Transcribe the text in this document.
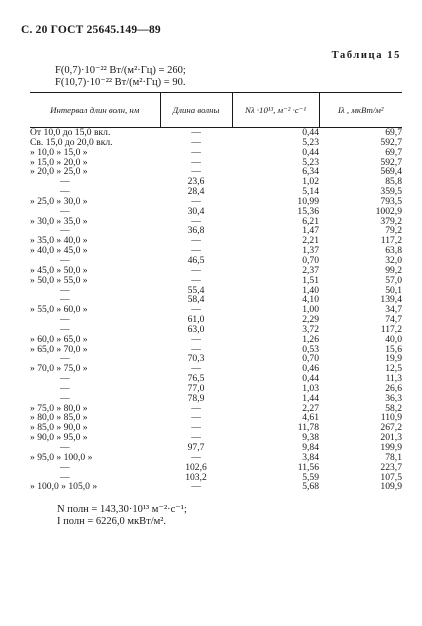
С. 20 ГОСТ 25645.149—89
Таблица 15
F(0,7)·10⁻²² Вт/(м²·Гц) = 260;
F(10,7)·10⁻²² Вт/(м²·Гц) = 90.
Интервал длин волн, нм	Длина волны	Nλ ·10¹³, м⁻² ·с⁻¹	Iλ , мкВт/м²
От 10,0 до 15,0 вкл.	—	0,44	69,7
Св. 15,0 до 20,0 вкл.	—	5,23	592,7
» 10,0 » 15,0 »	—	0,44	69,7
» 15,0 » 20,0 »	—	5,23	592,7
» 20,0 » 25,0 »	—	6,34	569,4
—	23,6	1,02	85,8
—	28,4	5,14	359,5
» 25,0 » 30,0 »	—	10,99	793,5
—	30,4	15,36	1002,9
» 30,0 » 35,0 »	—	6,21	379,2
—	36,8	1,47	79,2
» 35,0 » 40,0 »	—	2,21	117,2
» 40,0 » 45,0 »	—	1,37	63,8
—	46,5	0,70	32,0
» 45,0 » 50,0 »	—	2,37	99,2
» 50,0 » 55,0 »	—	1,51	57,0
—	55,4	1,40	50,1
—	58,4	4,10	139,4
» 55,0 » 60,0 »	—	1,00	34,7
—	61,0	2,29	74,7
—	63,0	3,72	117,2
» 60,0 » 65,0 »	—	1,26	40,0
» 65,0 » 70,0 »	—	0,53	15,6
—	70,3	0,70	19,9
» 70,0 » 75,0 »	—	0,46	12,5
—	76,5	0,44	11,3
—	77,0	1,03	26,6
—	78,9	1,44	36,3
» 75,0 » 80,0 »	—	2,27	58,2
» 80,0 » 85,0 »	—	4,61	110,9
» 85,0 » 90,0 »	—	11,78	267,2
» 90,0 » 95,0 »	—	9,38	201,3
—	97,7	9,84	199,9
» 95,0 » 100,0 »	—	3,84	78,1
—	102,6	11,56	223,7
—	103,2	5,59	107,5
» 100,0 » 105,0 »	—	5,68	109,9
N полн = 143,30·10¹³ м⁻²·с⁻¹;
I полн = 6226,0 мкВт/м².
